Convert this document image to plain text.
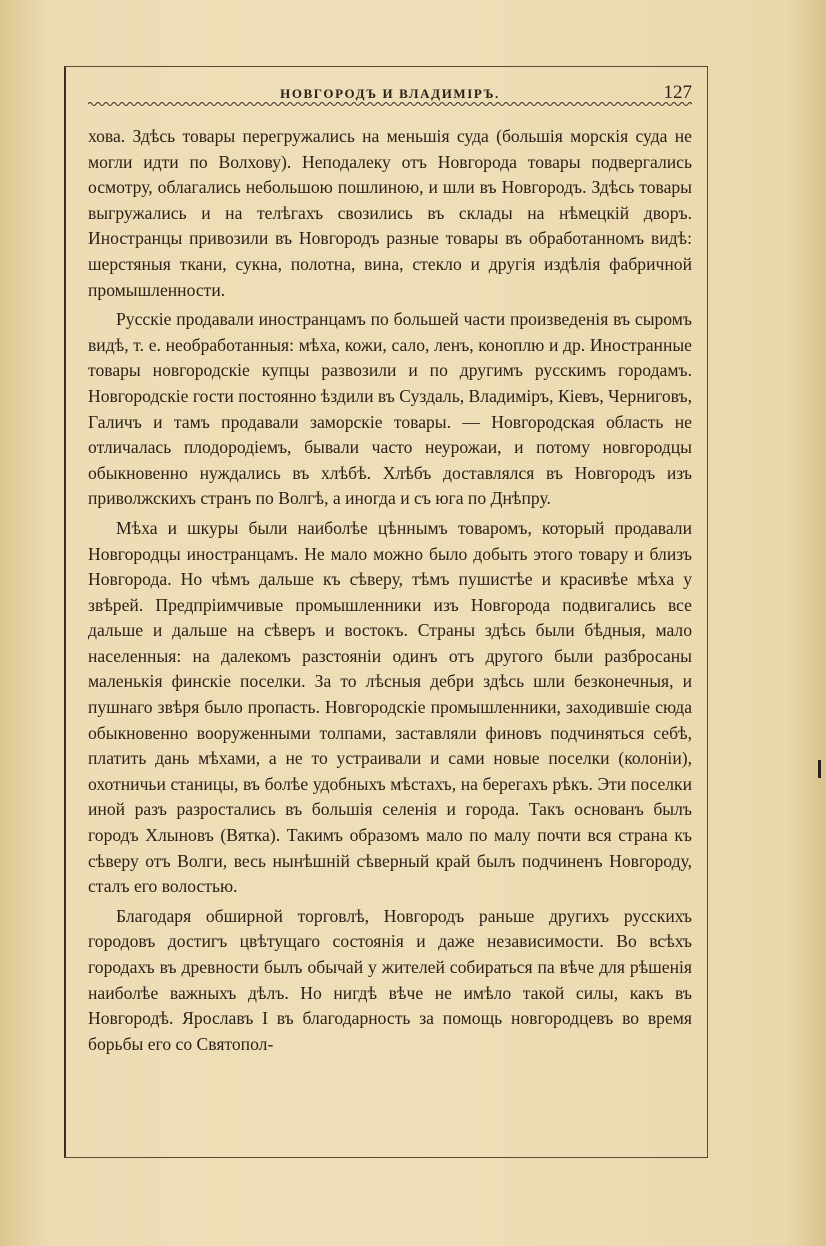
НОВГОРОДЪ И ВЛАДИМІРЪ.	127

хова. Здѣсь товары перегружались на меньшія суда (большія морскія суда не могли идти по Волхову). Неподалеку отъ Новгорода товары подвергались осмотру, облагались небольшою пошлиною, и шли въ Новгородъ. Здѣсь товары выгружались и на телѣгахъ свозились въ склады на нѣмецкій дворъ. Иностранцы привозили въ Новгородъ разные товары въ обработанномъ видѣ: шерстяныя ткани, сукна, полотна, вина, стекло и другія издѣлія фабричной промышленности.

Русскіе продавали иностранцамъ по большей части произведенія въ сыромъ видѣ, т. е. необработанныя: мѣха, кожи, сало, ленъ, коноплю и др. Иностранные товары новгородскіе купцы развозили и по другимъ русскимъ городамъ. Новгородскіе гости постоянно ѣздили въ Суздаль, Владиміръ, Кіевъ, Черниговъ, Галичъ и тамъ продавали заморскіе товары. — Новгородская область не отличалась плодородіемъ, бывали часто неурожаи, и потому новгородцы обыкновенно нуждались въ хлѣбѣ. Хлѣбъ доставлялся въ Новгородъ изъ приволжскихъ странъ по Волгѣ, а иногда и съ юга по Днѣпру.

Мѣха и шкуры были наиболѣе цѣннымъ товаромъ, который продавали Новгородцы иностранцамъ. Не мало можно было добыть этого товару и близъ Новгорода. Но чѣмъ дальше къ сѣверу, тѣмъ пушистѣе и красивѣе мѣха у звѣрей. Предпріимчивые промышленники изъ Новгорода подвигались все дальше и дальше на сѣверъ и востокъ. Страны здѣсь были бѣдныя, мало населенныя: на далекомъ разстояніи одинъ отъ другого были разбросаны маленькія финскіе поселки. За то лѣсныя дебри здѣсь шли безконечныя, и пушнаго звѣря было пропасть. Новгородскіе промышленники, заходившіе сюда обыкновенно вооруженными толпами, заставляли финовъ подчиняться себѣ, платить дань мѣхами, а не то устраивали и сами новые поселки (колоніи), охотничьи станицы, въ болѣе удобныхъ мѣстахъ, на берегахъ рѣкъ. Эти поселки иной разъ разростались въ большія селенія и города. Такъ основанъ былъ городъ Хлыновъ (Вятка). Такимъ образомъ мало по малу почти вся страна къ сѣверу отъ Волги, весь нынѣшній сѣверный край былъ подчиненъ Новгороду, сталъ его волостью.

Благодаря обширной торговлѣ, Новгородъ раньше другихъ русскихъ городовъ достигъ цвѣтущаго состоянія и даже независимости. Во всѣхъ городахъ въ древности былъ обычай у жителей собираться па вѣче для рѣшенія наиболѣе важныхъ дѣлъ. Но нигдѣ вѣче не имѣло такой силы, какъ въ Новгородѣ. Ярославъ I въ благодарность за помощь новгородцевъ во время борьбы его со Святопол-
